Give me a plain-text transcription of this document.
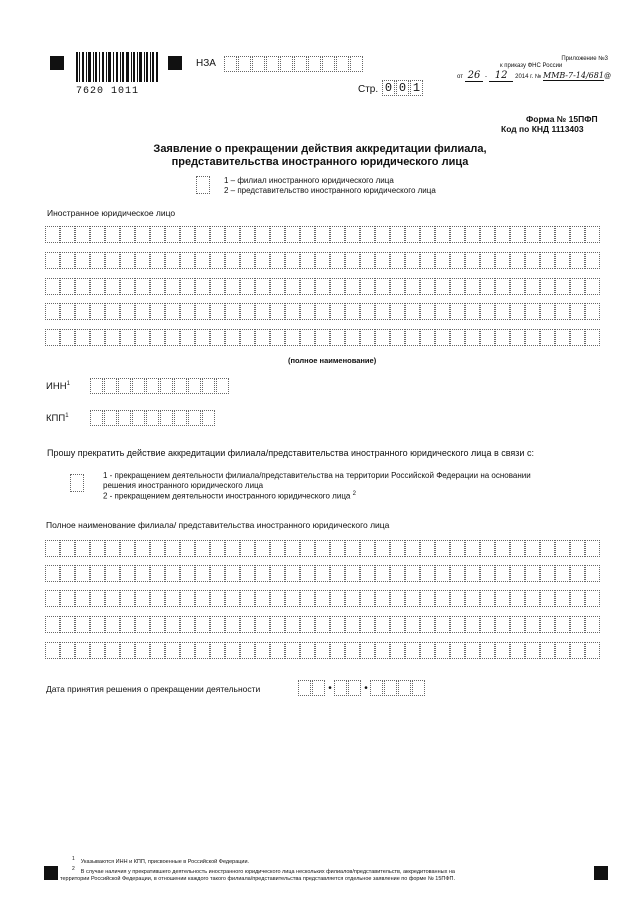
7620 1011
НЗА
Стр. 0 0 1
Приложение №3
к приказу ФНС России
от 26 - 12 2014 г. № ММВ-7-14/681@
Форма № 15ПФП
Код по КНД 1113403
Заявление о прекращении действия аккредитации филиала,
представительства иностранного юридического лица
1 – филиал иностранного юридического лица
2 – представительство иностранного юридического лица
Иностранное юридическое лицо
(полное наименование)
ИНН$^1$
КПП$^1$
Прошу прекратить действие аккредитации филиала/представительства иностранного юридического лица в связи с:
1 - прекращением деятельности филиала/представительства на территории Российской Федерации на основании
решения иностранного юридического лица
2 - прекращением деятельности иностранного юридического лица $^2$
Полное наименование филиала/ представительства иностранного юридического лица
Дата принятия решения о прекращении деятельности	•	•
$^1$ Указываются ИНН и КПП, присвоенные в Российской Федерации.
$^2$ В случае наличия у прекратившего деятельность иностранного юридического лица нескольких филиалов/представительств, аккредитованных на
территории Российской Федерации, в отношении каждого такого филиала/представительства представляется отдельное заявление по форме № 15ПФП.
